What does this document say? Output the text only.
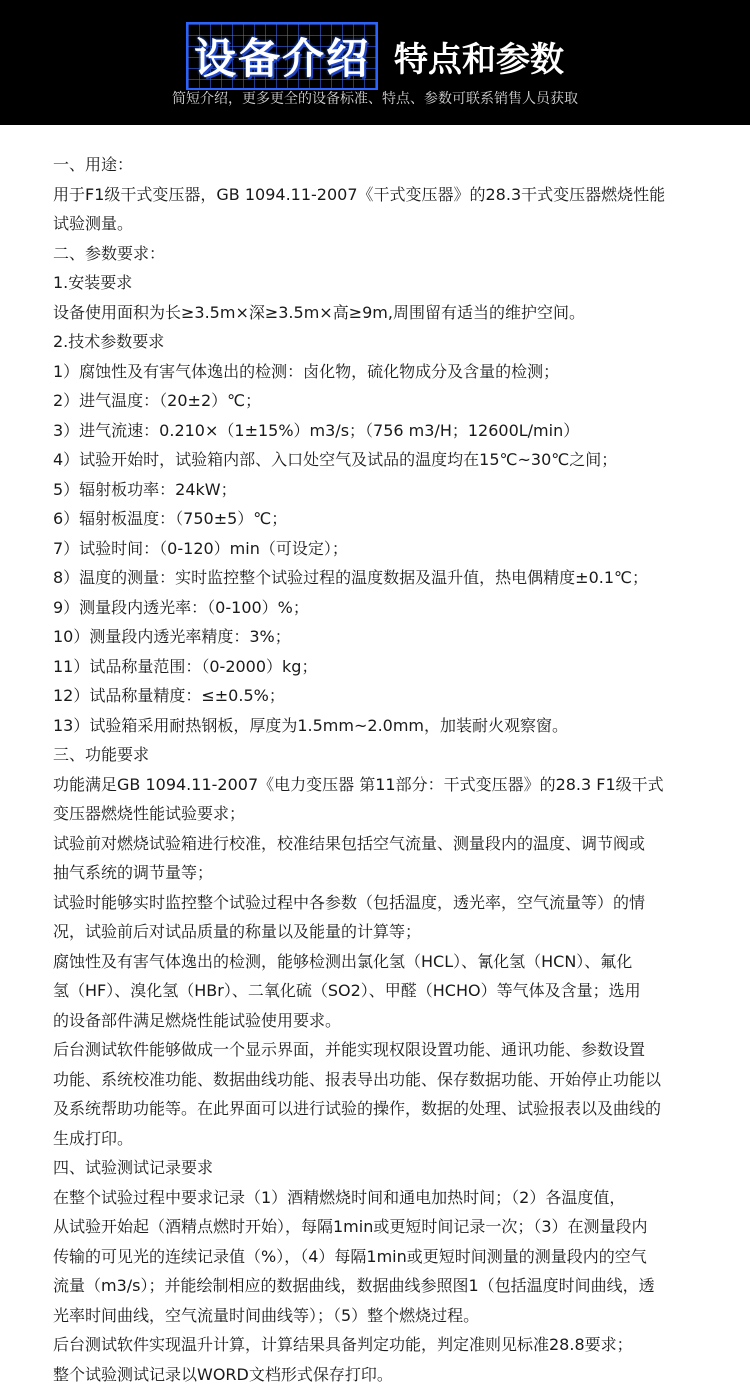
设备介绍 特点和参数
简短介绍，更多更全的设备标准、特点、参数可联系销售人员获取

一、用途：

用于F1级干式变压器，GB 1094.11-2007《干式变压器》的28.3干式变压器燃烧性能

试验测量。

二、参数要求：

1.安装要求

设备使用面积为长≥3.5m×深≥3.5m×高≥9m,周围留有适当的维护空间。

2.技术参数要求

1）腐蚀性及有害气体逸出的检测：卤化物，硫化物成分及含量的检测；

2）进气温度：（20±2）℃；

3）进气流速：0.210×（1±15%）m3/s；（756 m3/H；12600L/min）

4）试验开始时，试验箱内部、入口处空气及试品的温度均在15℃~30℃之间；

5）辐射板功率：24kW；

6）辐射板温度：（750±5）℃；

7）试验时间：（0-120）min（可设定）；

8）温度的测量：实时监控整个试验过程的温度数据及温升值，热电偶精度±0.1℃；

9）测量段内透光率：（0-100）%；

10）测量段内透光率精度：3%；

11）试品称量范围：（0-2000）kg；

12）试品称量精度：≤±0.5%；

13）试验箱采用耐热钢板，厚度为1.5mm~2.0mm，加装耐火观察窗。

三、功能要求

功能满足GB 1094.11-2007《电力变压器 第11部分：干式变压器》的28.3 F1级干式

变压器燃烧性能试验要求；

试验前对燃烧试验箱进行校准，校准结果包括空气流量、测量段内的温度、调节阀或

抽气系统的调节量等；

试验时能够实时监控整个试验过程中各参数（包括温度，透光率，空气流量等）的情

况，试验前后对试品质量的称量以及能量的计算等；

腐蚀性及有害气体逸出的检测，能够检测出氯化氢（HCL）、氰化氢（HCN）、氟化

氢（HF）、溴化氢（HBr）、二氧化硫（SO2）、甲醛（HCHO）等气体及含量；选用

的设备部件满足燃烧性能试验使用要求。

后台测试软件能够做成一个显示界面，并能实现权限设置功能、通讯功能、参数设置

功能、系统校准功能、数据曲线功能、报表导出功能、保存数据功能、开始停止功能以

及系统帮助功能等。在此界面可以进行试验的操作，数据的处理、试验报表以及曲线的

生成打印。

四、试验测试记录要求

在整个试验过程中要求记录（1）酒精燃烧时间和通电加热时间；（2）各温度值，

从试验开始起（酒精点燃时开始），每隔1min或更短时间记录一次；（3）在测量段内

传输的可见光的连续记录值（%），（4）每隔1min或更短时间测量的测量段内的空气

流量（m3/s）；并能绘制相应的数据曲线，数据曲线参照图1（包括温度时间曲线，透

光率时间曲线，空气流量时间曲线等）；（5）整个燃烧过程。

后台测试软件实现温升计算，计算结果具备判定功能，判定准则见标准28.8要求；

整个试验测试记录以WORD文档形式保存打印。
